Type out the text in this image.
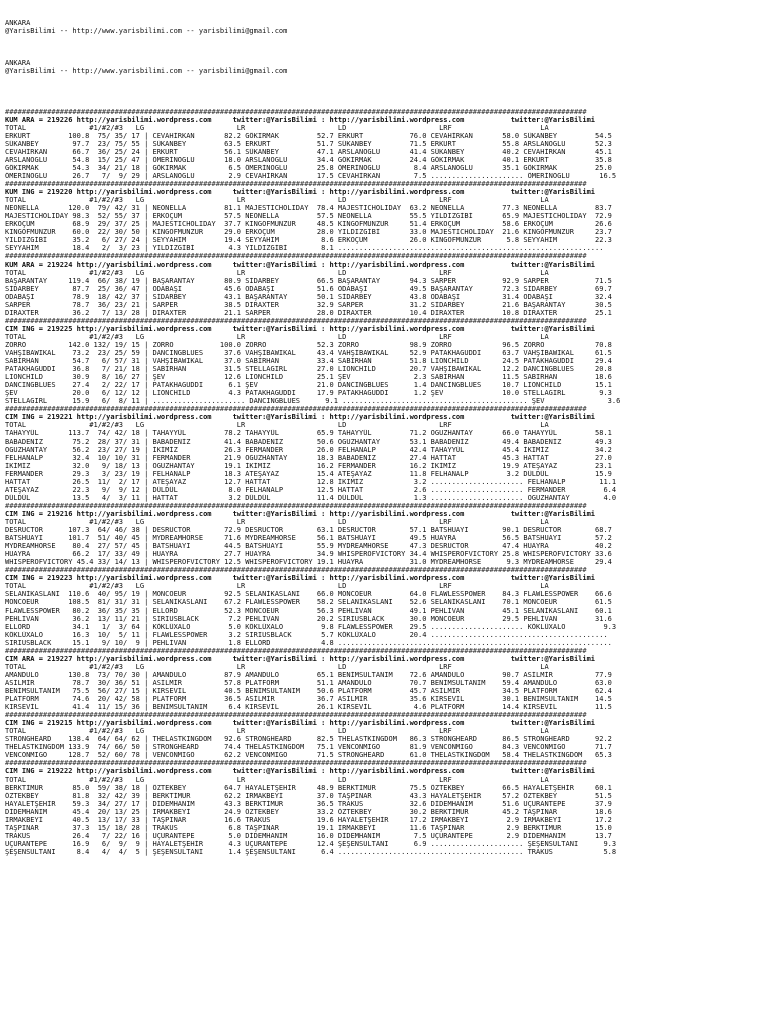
ANKARA
@YarisBilimi -- http://www.yarisbilimi.com -- yarisbilimi@gmail.com
ANKARA
@YarisBilimi -- http://www.yarisbilimi.com -- yarisbilimi@gmail.com

##########################################################################################################################################
KUM ARA = 219226 http://yarisbilimi.wordpress.com     twitter:@YarisBilimi : http://yarisbilimi.wordpress.com           twitter:@YarisBilimi
TOTAL               #1/#2/#3   LG                      LR                      LD                      LRF                     LA
ERKURT         100.8  75/ 35/ 17 | CEVAHİRKAN       82.2 GÖKIRMAK         52.7 ERKURT           76.0 CEVAHİRKAN       58.0 SÜKANBEY         54.5
SÜKANBEY        97.7  23/ 75/ 55 | SÜKANBEY         63.5 ERKURT           51.7 SÜKANBEY         71.5 ERKURT           55.8 ARSLANOĞLU       52.3
CEVAHİRKAN      66.7  36/ 25/ 24 | ERKURT           56.1 SÜKANBEY         47.1 ARSLANOĞLU       41.4 SÜKANBEY         40.2 CEVAHİRKAN       45.1
ARSLANOĞLU      54.8  15/ 25/ 47 | ÖMERİNOĞLU       18.0 ARSLANOĞLU       34.4 GÖKIRMAK         24.4 GÖKIRMAK         40.1 ERKURT           35.8
GÖKIRMAK        54.3  34/ 21/ 18 | GÖKIRMAK          6.5 ÖMERİNOĞLU       25.8 ÖMERİNOĞLU        8.4 ARSLANOĞLU       35.1 GÖKIRMAK         25.0
ÖMERİNOĞLU      26.7   7/  9/ 29 | ARSLANOĞLU        2.9 CEVAHİRKAN       17.5 CEVAHİRKAN        7.5 ...................... ÖMERİNOĞLU       16.5
##########################################################################################################################################
KUM ING = 219220 http://yarisbilimi.wordpress.com     twitter:@YarisBilimi : http://yarisbilimi.wordpress.com           twitter:@YarisBilimi
TOTAL               #1/#2/#3   LG                      LR                      LD                      LRF                     LA
NEONELLA       120.0  79/ 42/ 31 | NEONELLA         81.1 MAJESTICHOLIDAY  78.4 MAJESTICHOLIDAY  63.2 NEONELLA         77.3 NEONELLA         83.7
MAJESTICHOLIDAY 98.3  52/ 55/ 37 | ERKOÇUM          57.5 NEONELLA         57.5 NEONELLA         55.5 YILDIZGİBİ       65.9 MAJESTICHOLIDAY  72.9
ERKOÇUM         68.9  29/ 37/ 25 | MAJESTICHOLIDAY  37.7 KINGOFMUNZUR     48.5 KINGOFMUNZUR     51.4 ERKOÇUM          58.6 ERKOÇUM          26.6
KINGOFMUNZUR    60.0  22/ 30/ 50 | KINGOFMUNZUR     29.0 ERKOÇUM          28.0 YILDIZGİBİ       33.0 MAJESTICHOLIDAY  21.6 KINGOFMUNZUR     23.7
YILDIZGİBİ      35.2   6/ 27/ 24 | SEYYAHIM         19.4 SEYYAHIM          8.6 ERKOÇUM          26.0 KINGOFMUNZUR      5.8 SEYYAHIM         22.3
SEYYAHIM        18.4   2/  3/ 23 | YILDIZGİBİ        4.3 YILDIZGİBİ        8.1 ...............................................................
##########################################################################################################################################
KUM ARA = 219224 http://yarisbilimi.wordpress.com     twitter:@YarisBilimi : http://yarisbilimi.wordpress.com           twitter:@YarisBilimi
TOTAL               #1/#2/#3   LG                      LR                      LD                      LRF                     LA
BAŞARANTAY     119.4  66/ 38/ 19 | BAŞARANTAY       80.9 SİDARBEY         66.5 BAŞARANTAY       94.3 SARPER           92.9 SARPER           71.5
SİDARBEY        87.7  25/ 36/ 47 | ODABAŞI          45.6 ODABAŞI          51.6 ODABAŞI          49.5 BAŞARANTAY       72.3 SİDARBEY         69.7
ODABAŞI         78.9  18/ 42/ 37 | SİDARBEY         43.1 BAŞARANTAY       50.1 SİDARBEY         43.8 ODABAŞI          31.4 ODABAŞI          32.4
SARPER          78.7  36/ 23/ 21 | SARPER           38.5 DIRAXTER         32.9 SARPER           31.2 SİDARBEY         21.6 BAŞARANTAY       30.5
DIRAXTER        36.2   7/ 13/ 28 | DIRAXTER         21.1 SARPER           28.0 DIRAXTER         10.4 DIRAXTER         10.8 DIRAXTER         25.1
##########################################################################################################################################
CIM ING = 219225 http://yarisbilimi.wordpress.com     twitter:@YarisBilimi : http://yarisbilimi.wordpress.com           twitter:@YarisBilimi
TOTAL               #1/#2/#3   LG                      LR                      LD                      LRF                     LA
ZORRO          142.0 132/ 19/ 15 | ZORRO           100.0 ZORRO            52.3 ZORRO            98.9 ZORRO            96.5 ZORRO            70.8
VAHŞİBAWIKAL    73.2  23/ 25/ 59 | DANCINGBLUES     37.6 VAHŞİBAWIKAL     43.4 VAHŞİBAWIKAL     52.9 PATAKHAGUDDI     63.7 VAHŞİBAWIKAL     61.5
SABIRHAN        54.7   6/ 57/ 31 | VAHŞİBAWIKAL     37.0 SABIRHAN         33.4 SABIRHAN         51.8 LIONCHILD        24.5 PATAKHAGUDDI     29.4
PATAKHAGUDDI    36.8   7/ 21/ 18 | SABIRHAN         31.5 STELLAGIRL       27.0 LIONCHILD        20.7 VAHŞİBAWIKAL     12.2 DANCINGBLUES     20.8
LIONCHILD       30.9   8/ 16/ 27 | ŞEV              12.6 LIONCHILD        25.1 ŞEV               2.3 SABIRHAN         11.5 SABIRHAN         18.6
DANCINGBLUES    27.4   2/ 22/ 17 | PATAKHAGUDDI      6.1 ŞEV              21.0 DANCINGBLUES      1.4 DANCINGBLUES     10.7 LIONCHILD        15.1
ŞEV             20.0   6/ 12/ 12 | LIONCHILD         4.3 PATAKHAGUDDI     17.9 PATAKHAGUDDI      1.2 ŞEV              10.0 STELLAGIRL        9.3
STELLAGIRL      15.9   6/  8/ 11 | ...................... DANCINGBLUES      9.1 ............................................ ŞEV               3.6
##########################################################################################################################################
CIM ING = 219221 http://yarisbilimi.wordpress.com     twitter:@YarisBilimi : http://yarisbilimi.wordpress.com           twitter:@YarisBilimi
TOTAL               #1/#2/#3   LG                      LR                      LD                      LRF                     LA
TAHAYYÜL       113.7  74/ 42/ 18 | TAHAYYÜL         78.2 TAHAYYÜL         65.9 TAHAYYÜL         71.2 OĞUZHANTAY       66.0 TAHAYYÜL         58.1
BABADENİZ       75.2  28/ 37/ 31 | BABADENİZ        41.4 BABADENİZ        50.6 OĞUZHANTAY       53.1 BABADENİZ        49.4 BABADENİZ        49.3
OĞUZHANTAY      56.2  23/ 27/ 19 | İKİMİZ           26.3 FERMANDER        26.0 FELHANALP        42.4 TAHAYYÜL         45.4 İKİMİZ           34.2
FELHANALP       32.4  10/ 10/ 31 | FERMANDER        21.9 OĞUZHANTAY       18.3 BABADENİZ        27.4 HATTAT           45.3 HATTAT           27.0
İKİMİZ          32.0   9/ 18/ 13 | OĞUZHANTAY       19.1 İKİMİZ           16.2 FERMANDER        16.2 İKİMİZ           19.9 ATEŞAYAZ         23.1
FERMANDER       29.3   3/ 23/ 19 | FELHANALP        18.3 ATEŞAYAZ         15.4 ATEŞAYAZ         11.8 FELHANALP         3.2 DÜLDÜL           15.9
HATTAT          26.5  11/  2/ 17 | ATEŞAYAZ         12.7 HATTAT           12.8 İKİMİZ            3.2 ...................... FELHANALP        11.1
ATEŞAYAZ        22.3   9/  9/ 12 | DÜLDÜL            8.0 FELHANALP        12.5 HATTAT            2.6 ...................... FERMANDER         6.4
DÜLDÜL          13.5   4/  3/ 11 | HATTAT            3.2 DÜLDÜL           11.4 DÜLDÜL            1.3 ...................... OĞUZHANTAY        4.0
##########################################################################################################################################
CIM ING = 219216 http://yarisbilimi.wordpress.com     twitter:@YarisBilimi : http://yarisbilimi.wordpress.com           twitter:@YarisBilimi
TOTAL               #1/#2/#3   LG                      LR                      LD                      LRF                     LA
DESRUCTOR      107.3  64/ 46/ 38 | DESRUCTOR        72.9 DESRUCTOR        63.1 DESRUCTOR        57.1 BATSHUAYI        90.1 DESRUCTOR        68.7
BATSHUAYI      101.7  51/ 40/ 45 | MYDREAMHORSE     71.6 MYDREAMHORSE     56.1 BATSHUAYI        49.5 HUAYRA           56.5 BATSHUAYI        57.2
MYDREAMHORSE    80.4  27/ 57/ 45 | BATSHUAYI        44.5 BATSHUAYI        55.9 MYDREAMHORSE     47.3 DESRUCTOR        47.4 HUAYRA           40.2
HUAYRA          66.2  17/ 33/ 49 | HUAYRA           27.7 HUAYRA           34.9 WHISPEROFVICTORY 34.4 WHISPEROFVICTORY 25.8 WHISPEROFVICTORY 33.6
WHISPEROFVICTORY 45.4 33/ 14/ 13 | WHISPEROFVICTORY 12.5 WHISPEROFVICTORY 19.1 HUAYRA           31.0 MYDREAMHORSE      9.3 MYDREAMHORSE     29.4
##########################################################################################################################################
CIM ING = 219223 http://yarisbilimi.wordpress.com     twitter:@YarisBilimi : http://yarisbilimi.wordpress.com           twitter:@YarisBilimi
TOTAL               #1/#2/#3   LG                      LR                      LD                      LRF                     LA
SELANİKASLANI  110.6  40/ 95/ 19 | MONCOEUR         92.5 SELANİKASLANI    66.0 MONCOEUR         64.0 FLAWLESSPOWER    84.3 FLAWLESSPOWER    66.6
MONCOEUR       108.5  81/ 31/ 31 | SELANİKASLANI    67.2 FLAWLESSPOWER    58.2 SELANİKASLANI    52.6 SELANİKASLANI    70.1 MONCOEUR         61.5
FLAWLESSPOWER   80.2  36/ 35/ 35 | ELLORD           52.3 MONCOEUR         56.3 PEHLİVAN         49.1 PEHLİVAN         45.1 SELANİKASLANI    60.1
PEHLİVAN        36.2  13/ 11/ 21 | SIRIUSBLACK       7.2 PEHLİVAN         20.2 SIRIUSBLACK      30.0 MONCOEUR         29.5 PEHLİVAN         31.6
ELLORD          34.1   1/  3/ 64 | KÖKLÜXALO         5.0 KÖKLÜXALO         9.8 FLAWLESSPOWER    29.5 ...................... KÖKLÜXALO         9.3
KÖKLÜXALO       16.3  10/  5/ 11 | FLAWLESSPOWER     3.2 SIRIUSBLACK       5.7 KÖKLÜXALO        20.4 ..........................................
SIRIUSBLACK     15.1   9/ 10/  9 | PEHLİVAN          1.8 ELLORD            4.8 .................................................................
##########################################################################################################################################
CIM ARA = 219227 http://yarisbilimi.wordpress.com     twitter:@YarisBilimi : http://yarisbilimi.wordpress.com           twitter:@YarisBilimi
TOTAL               #1/#2/#3   LG                      LR                      LD                      LRF                     LA
AMANDULO       130.8  73/ 70/ 30 | AMANDULO         87.9 AMANDULO         65.1 BENİMSULTANIM    72.6 AMANDULO         90.7 ASİLMİR          77.9
ASİLMİR         78.7  30/ 36/ 51 | ASİLMİR          57.8 PLATFORM         51.1 AMANDULO         70.7 BENİMSULTANIM    59.4 AMANDULO         63.0
BENİMSULTANIM   75.5  56/ 27/ 15 | KIRSEVİL         40.5 BENİMSULTANIM    50.6 PLATFORM         45.7 ASİLMİR          34.5 PLATFORM         62.4
PLATFORM        74.6  20/ 42/ 58 | PLATFORM         36.5 ASİLMİR          36.7 ASİLMİR          35.6 KIRSEVİL         30.1 BENİMSULTANIM    14.5
KIRSEVİL        41.4  11/ 15/ 36 | BENİMSULTANIM     6.4 KIRSEVİL         26.1 KIRSEVİL          4.6 PLATFORM         14.4 KIRSEVİL         11.5
##########################################################################################################################################
CIM ING = 219215 http://yarisbilimi.wordpress.com     twitter:@YarisBilimi : http://yarisbilimi.wordpress.com           twitter:@YarisBilimi
TOTAL               #1/#2/#3   LG                      LR                      LD                      LRF                     LA
STRONGHEARD    138.4  64/ 64/ 62 | THELASTKINGDOM   92.6 STRONGHEARD      82.5 THELASTKINGDOM   86.3 STRONGHEARD      86.5 STRONGHEARD      92.2
THELASTKINGDOM 133.9  74/ 66/ 50 | STRONGHEARD      74.4 THELASTKINGDOM   75.1 VENCONMIGO       81.9 VENCONMIGO       84.3 VENCONMIGO       71.7
VENCONMIGO     128.7  52/ 60/ 78 | VENCONMIGO       62.2 VENCONMIGO       71.5 STRONGHEARD      61.0 THELASTKINGDOM   58.4 THELASTKINGDOM   65.3
##########################################################################################################################################
CIM ING = 219222 http://yarisbilimi.wordpress.com     twitter:@YarisBilimi : http://yarisbilimi.wordpress.com           twitter:@YarisBilimi
TOTAL               #1/#2/#3   LG                      LR                      LD                      LRF                     LA
BERKTİMUR       85.0  59/ 38/ 18 | ÖZTEKBEY         64.7 HAYALETŞEHİR     48.9 BERKTİMUR        75.5 ÖZTEKBEY         66.5 HAYALETŞEHİR     60.1
ÖZTEKBEY        81.8  32/ 42/ 39 | BERKTİMUR        62.2 IRMAKBEYİ        37.0 TAŞPINAR         43.3 HAYALETŞEHİR     57.2 ÖZTEKBEY         51.5
HAYALETŞEHİR    59.3  34/ 27/ 17 | DİDEMHANIM       43.3 BERKTİMUR        36.5 TRAKUS           32.6 DİDEMHANIM       51.6 UÇURANTEPE       37.9
DİDEMHANIM      45.4  20/ 13/ 25 | IRMAKBEYİ        24.9 ÖZTEKBEY         33.2 ÖZTEKBEY         30.2 BERKTİMUR        45.2 TAŞPINAR         18.6
IRMAKBEYİ       40.5  13/ 17/ 33 | TAŞPINAR         16.6 TRAKUS           19.6 HAYALETŞEHİR     17.2 IRMAKBEYİ         2.9 IRMAKBEYİ        17.2
TAŞPINAR        37.3  15/ 18/ 28 | TRAKUS            6.8 TAŞPINAR         19.1 IRMAKBEYİ        11.6 TAŞPINAR          2.9 BERKTİMUR        15.0
TRAKUS          26.4   7/ 22/ 16 | UÇURANTEPE        5.0 DİDEMHANIM       16.0 DİDEMHANIM        7.5 UÇURANTEPE        2.9 DİDEMHANIM       13.7
UÇURANTEPE      16.9   6/  9/  9 | HAYALETŞEHİR      4.3 UÇURANTEPE       12.4 ŞEŞENSULTANI      6.9 ...................... ŞEŞENSULTANI      9.3
ŞEŞENSULTANI     8.4   4/  4/  5 | ŞEŞENSULTANI      1.4 ŞEŞENSULTANI      6.4 ............................................ TRAKUS            5.8
